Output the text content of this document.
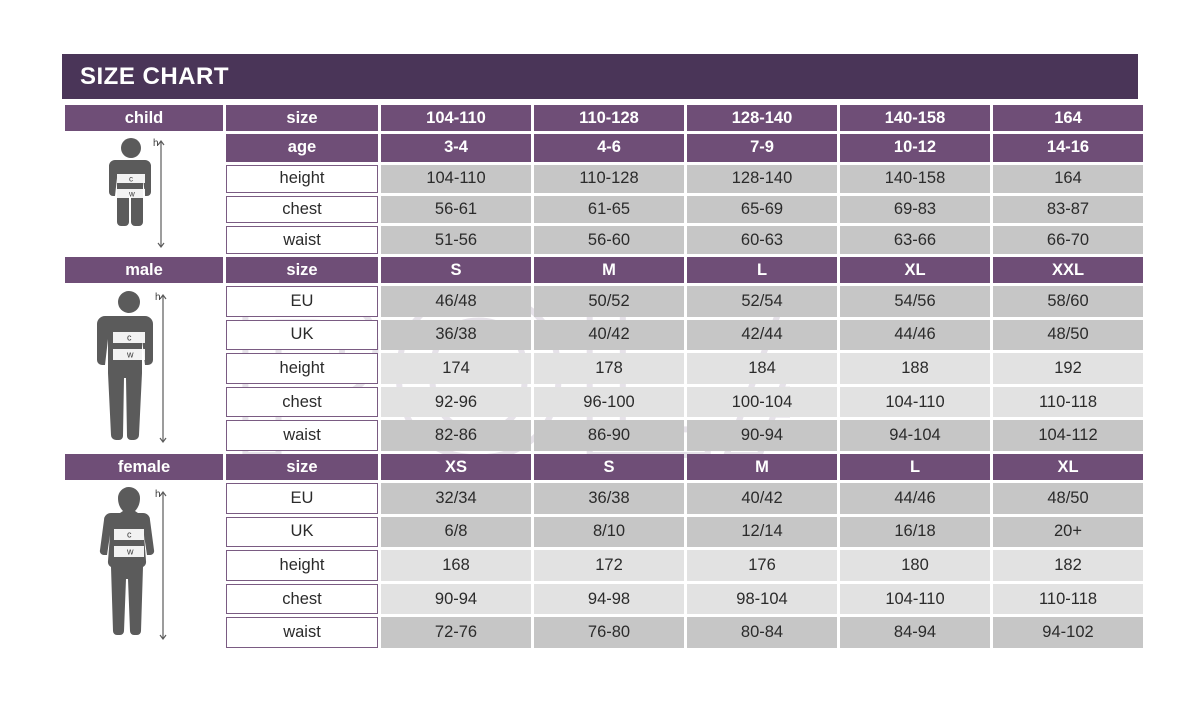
SIZE CHART
child	size	104-110	110-128	128-140	140-158	164

c
w
h	age	3-4	4-6	7-9	10-12	14-16
	height	104-110	110-128	128-140	140-158	164
	chest	56-61	61-65	65-69	69-83	83-87
	waist	51-56	56-60	60-63	63-66	66-70
male	size	S	M	L	XL	XXL

c
w
h	EU	46/48	50/52	52/54	54/56	58/60
	UK	36/38	40/42	42/44	44/46	48/50
	height	174	178	184	188	192
	chest	92-96	96-100	100-104	104-110	110-118
	waist	82-86	86-90	90-94	94-104	104-112
female	size	XS	S	M	L	XL

c
w
h	EU	32/34	36/38	40/42	44/46	48/50
	UK	6/8	8/10	12/14	16/18	20+
	height	168	172	176	180	182
	chest	90-94	94-98	98-104	104-110	110-118
	waist	72-76	76-80	80-84	84-94	94-102
